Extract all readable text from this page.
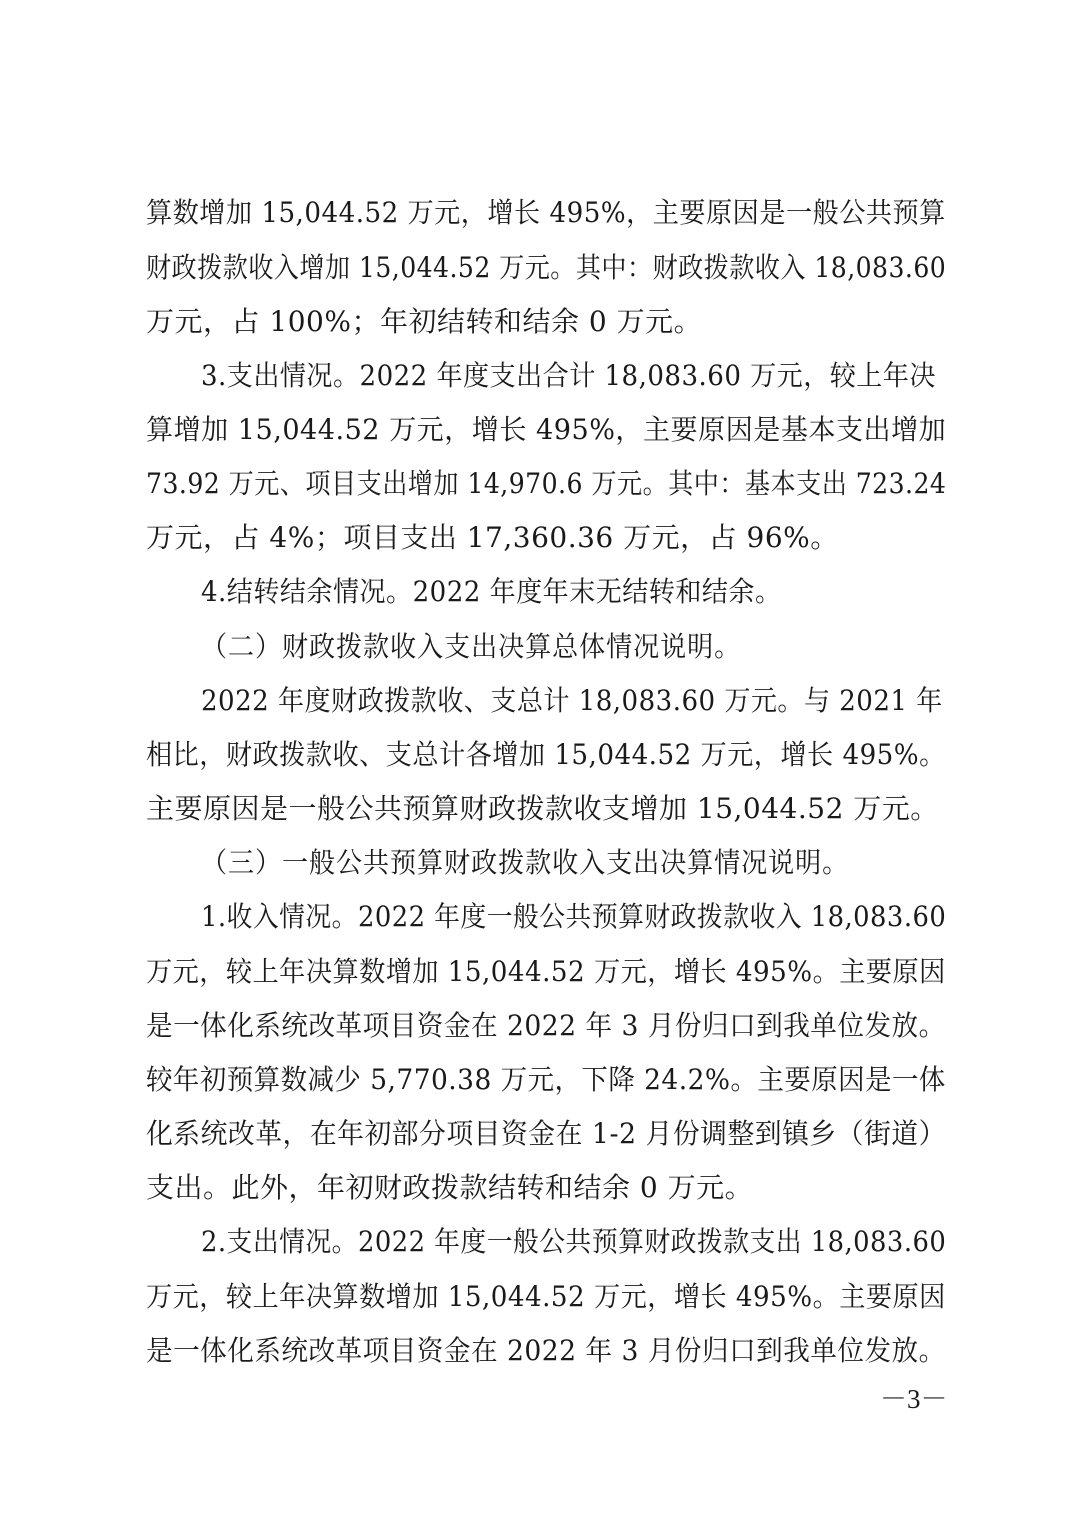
算数增加 15,044.52 万元，增长 495%，主要原因是一般公共预算
财政拨款收入增加 15,044.52 万元。其中：财政拨款收入 18,083.60
万元，占 100%；年初结转和结余 0 万元。
3.支出情况。2022 年度支出合计 18,083.60 万元，较上年决
算增加 15,044.52 万元，增长 495%，主要原因是基本支出增加
73.92 万元、项目支出增加 14,970.6 万元。其中：基本支出 723.24
万元，占 4%；项目支出 17,360.36 万元，占 96%。
4.结转结余情况。2022 年度年末无结转和结余。
（二）财政拨款收入支出决算总体情况说明。
2022 年度财政拨款收、支总计 18,083.60 万元。与 2021 年
相比，财政拨款收、支总计各增加 15,044.52 万元，增长 495%。
主要原因是一般公共预算财政拨款收支增加 15,044.52 万元。
（三）一般公共预算财政拨款收入支出决算情况说明。
1.收入情况。2022 年度一般公共预算财政拨款收入 18,083.60
万元，较上年决算数增加 15,044.52 万元，增长 495%。主要原因
是一体化系统改革项目资金在 2022 年 3 月份归口到我单位发放。
较年初预算数减少 5,770.38 万元，下降 24.2%。主要原因是一体
化系统改革，在年初部分项目资金在 1-2 月份调整到镇乡（街道）
支出。此外，年初财政拨款结转和结余 0 万元。
2.支出情况。2022 年度一般公共预算财政拨款支出 18,083.60
万元，较上年决算数增加 15,044.52 万元，增长 495%。主要原因
是一体化系统改革项目资金在 2022 年 3 月份归口到我单位发放。
－3－
